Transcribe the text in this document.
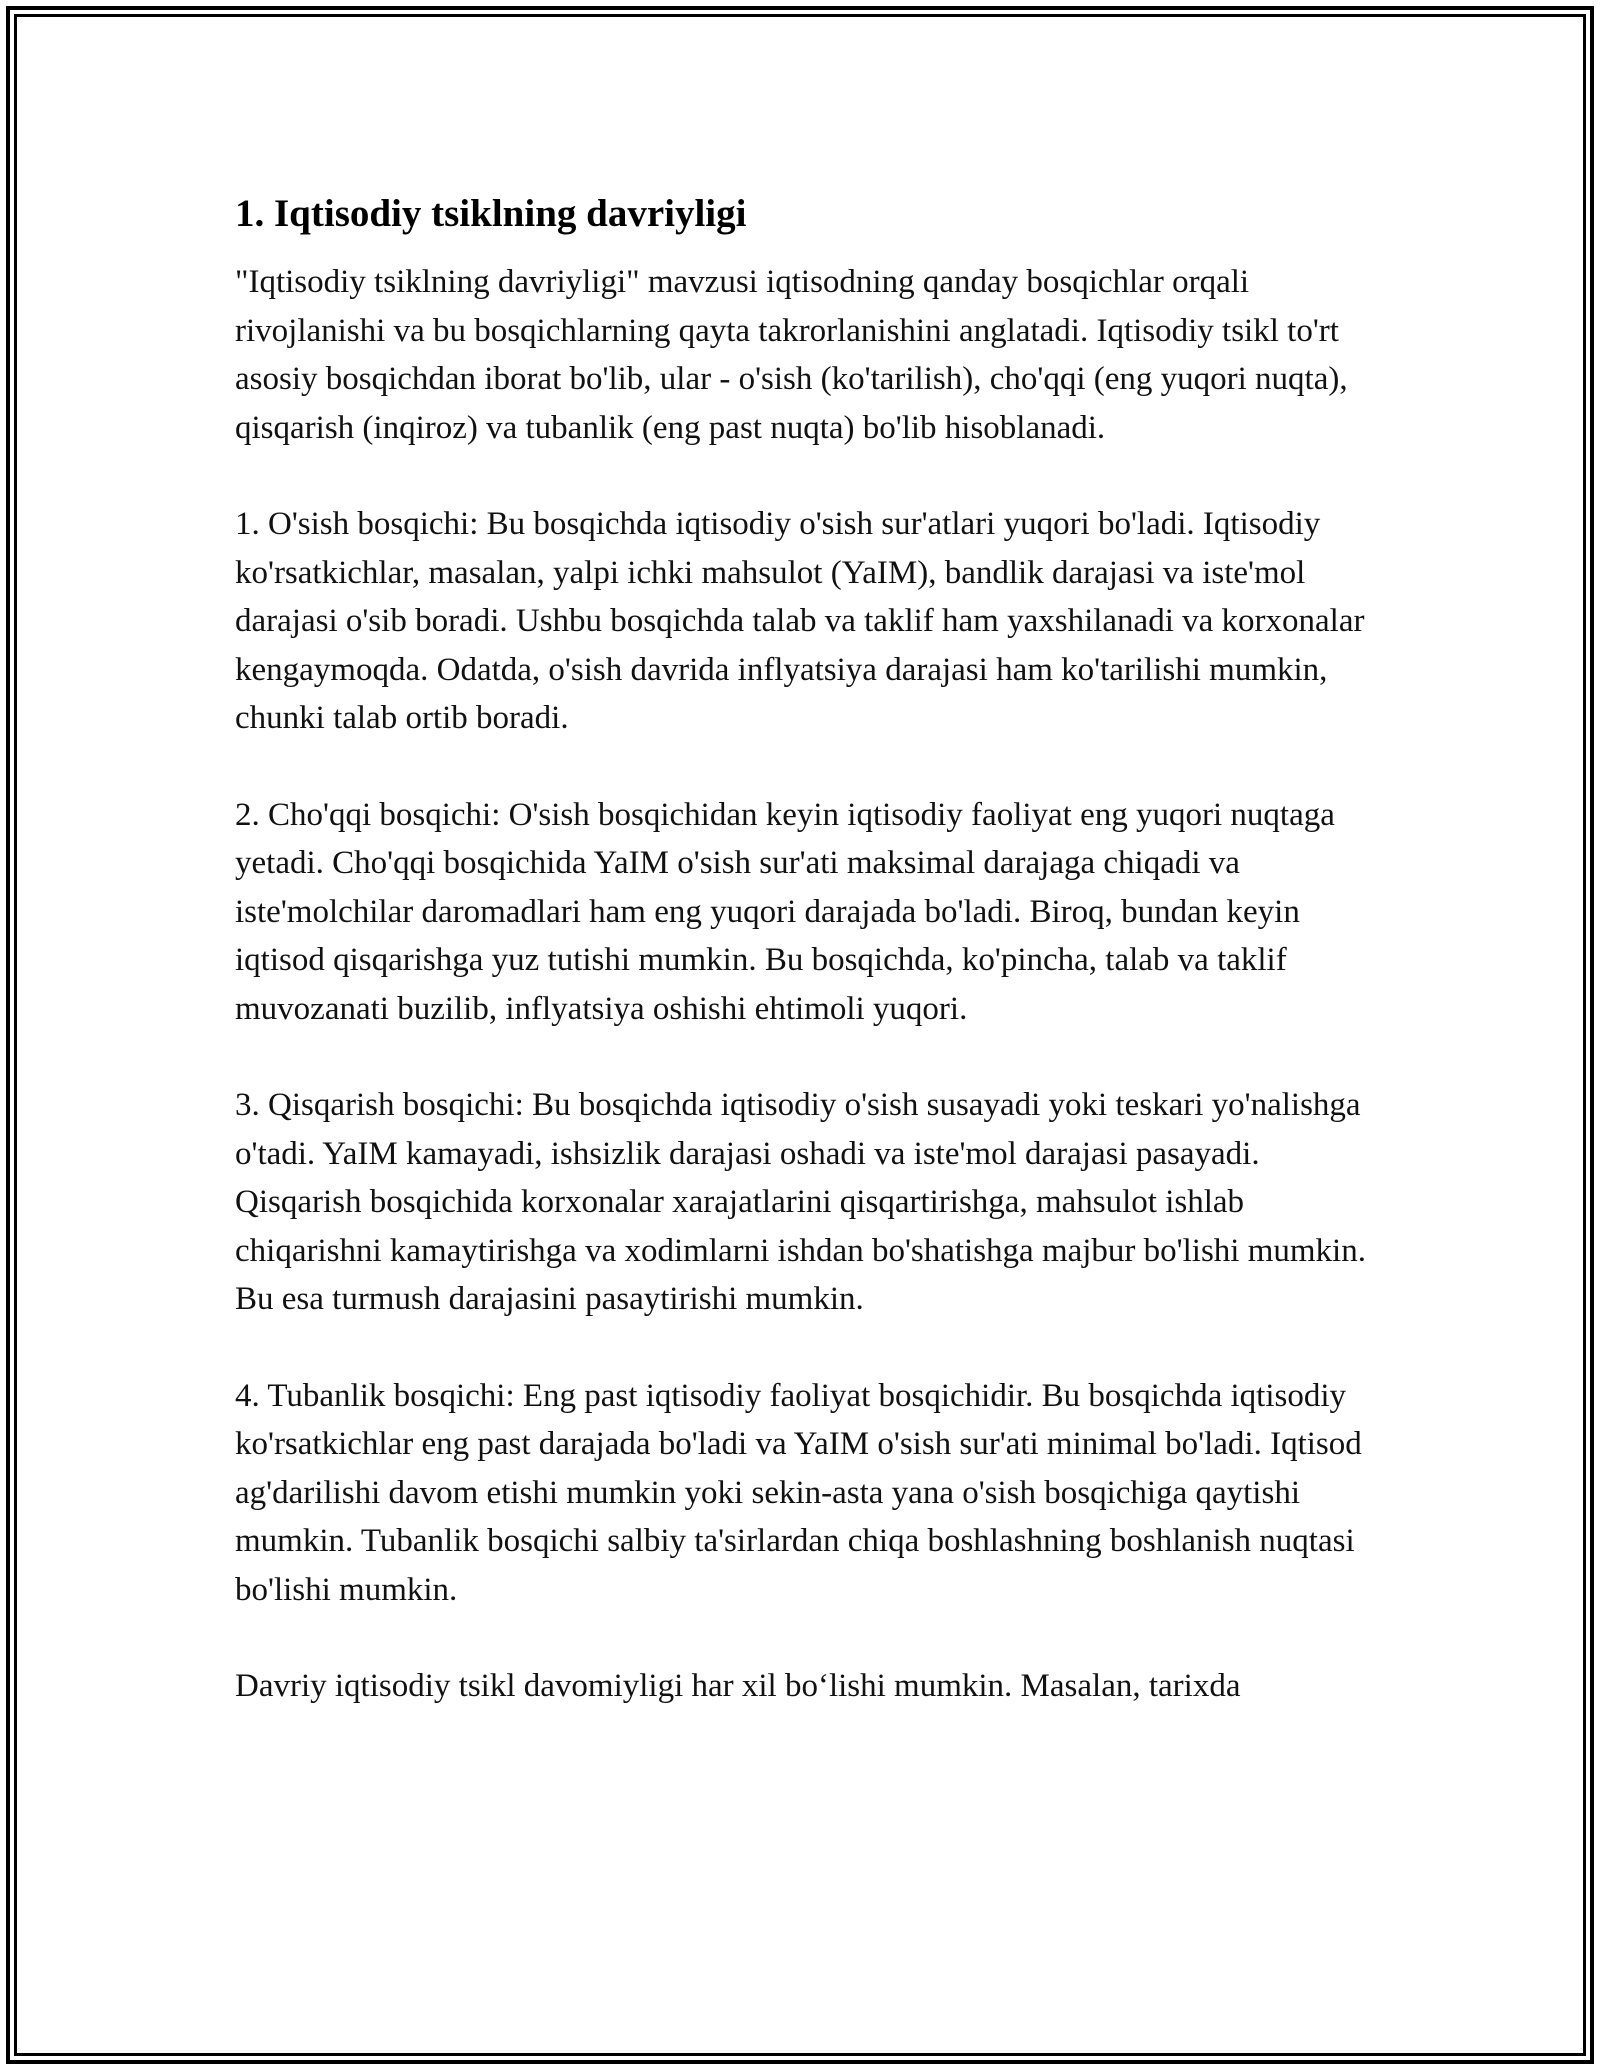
1. Iqtisodiy tsiklning davriyligi

"Iqtisodiy tsiklning davriyligi" mavzusi iqtisodning qanday bosqichlar orqali rivojlanishi va bu bosqichlarning qayta takrorlanishini anglatadi. Iqtisodiy tsikl to'rt asosiy bosqichdan iborat bo'lib, ular - o'sish (ko'tarilish), cho'qqi (eng yuqori nuqta), qisqarish (inqiroz) va tubanlik (eng past nuqta) bo'lib hisoblanadi.

1. O'sish bosqichi: Bu bosqichda iqtisodiy o'sish sur'atlari yuqori bo'ladi. Iqtisodiy ko'rsatkichlar, masalan, yalpi ichki mahsulot (YaIM), bandlik darajasi va iste'mol darajasi o'sib boradi. Ushbu bosqichda talab va taklif ham yaxshilanadi va korxonalar kengaymoqda. Odatda, o'sish davrida inflyatsiya darajasi ham ko'tarilishi mumkin, chunki talab ortib boradi.

2. Cho'qqi bosqichi: O'sish bosqichidan keyin iqtisodiy faoliyat eng yuqori nuqtaga yetadi. Cho'qqi bosqichida YaIM o'sish sur'ati maksimal darajaga chiqadi va iste'molchilar daromadlari ham eng yuqori darajada bo'ladi. Biroq, bundan keyin iqtisod qisqarishga yuz tutishi mumkin. Bu bosqichda, ko'pincha, talab va taklif muvozanati buzilib, inflyatsiya oshishi ehtimoli yuqori.

3. Qisqarish bosqichi: Bu bosqichda iqtisodiy o'sish susayadi yoki teskari yo'nalishga o'tadi. YaIM kamayadi, ishsizlik darajasi oshadi va iste'mol darajasi pasayadi. Qisqarish bosqichida korxonalar xarajatlarini qisqartirishga, mahsulot ishlab chiqarishni kamaytirishga va xodimlarni ishdan bo'shatishga majbur bo'lishi mumkin. Bu esa turmush darajasini pasaytirishi mumkin.

4. Tubanlik bosqichi: Eng past iqtisodiy faoliyat bosqichidir. Bu bosqichda iqtisodiy ko'rsatkichlar eng past darajada bo'ladi va YaIM o'sish sur'ati minimal bo'ladi. Iqtisod ag'darilishi davom etishi mumkin yoki sekin-asta yana o'sish bosqichiga qaytishi mumkin. Tubanlik bosqichi salbiy ta'sirlardan chiqa boshlashning boshlanish nuqtasi bo'lishi mumkin.

Davriy iqtisodiy tsikl davomiyligi har xil bo‘lishi mumkin. Masalan, tarixda
